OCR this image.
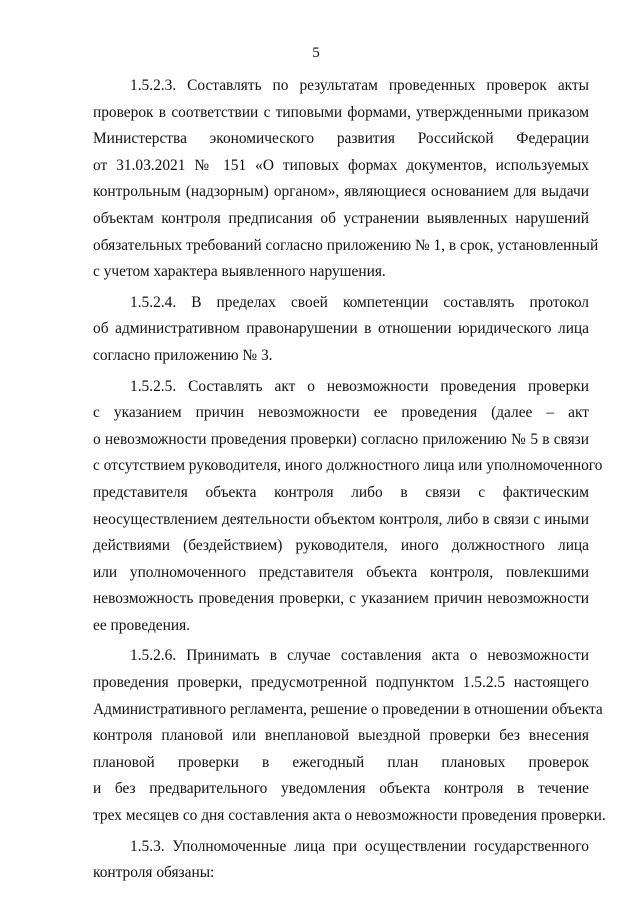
5

1.5.2.3. Составлять по результатам проведенных проверок акты
проверок в соответствии с типовыми формами, утвержденными приказом
Министерства экономического развития Российской Федерации
от 31.03.2021 № 151 «О типовых формах документов, используемых
контрольным (надзорным) органом», являющиеся основанием для выдачи
объектам контроля предписания об устранении выявленных нарушений
обязательных требований согласно приложению № 1, в срок, установленный
с учетом характера выявленного нарушения.

1.5.2.4. В пределах своей компетенции составлять протокол
об административном правонарушении в отношении юридического лица
согласно приложению № 3.

1.5.2.5. Составлять акт о невозможности проведения проверки
с указанием причин невозможности ее проведения (далее – акт
о невозможности проведения проверки) согласно приложению № 5 в связи
с отсутствием руководителя, иного должностного лица или уполномоченного
представителя объекта контроля либо в связи с фактическим
неосуществлением деятельности объектом контроля, либо в связи с иными
действиями (бездействием) руководителя, иного должностного лица
или уполномоченного представителя объекта контроля, повлекшими
невозможность проведения проверки, с указанием причин невозможности
ее проведения.

1.5.2.6. Принимать в случае составления акта о невозможности
проведения проверки, предусмотренной подпунктом 1.5.2.5 настоящего
Административного регламента, решение о проведении в отношении объекта
контроля плановой или внеплановой выездной проверки без внесения
плановой проверки в ежегодный план плановых проверок
и без предварительного уведомления объекта контроля в течение
трех месяцев со дня составления акта о невозможности проведения проверки.

1.5.3. Уполномоченные лица при осуществлении государственного
контроля обязаны:
